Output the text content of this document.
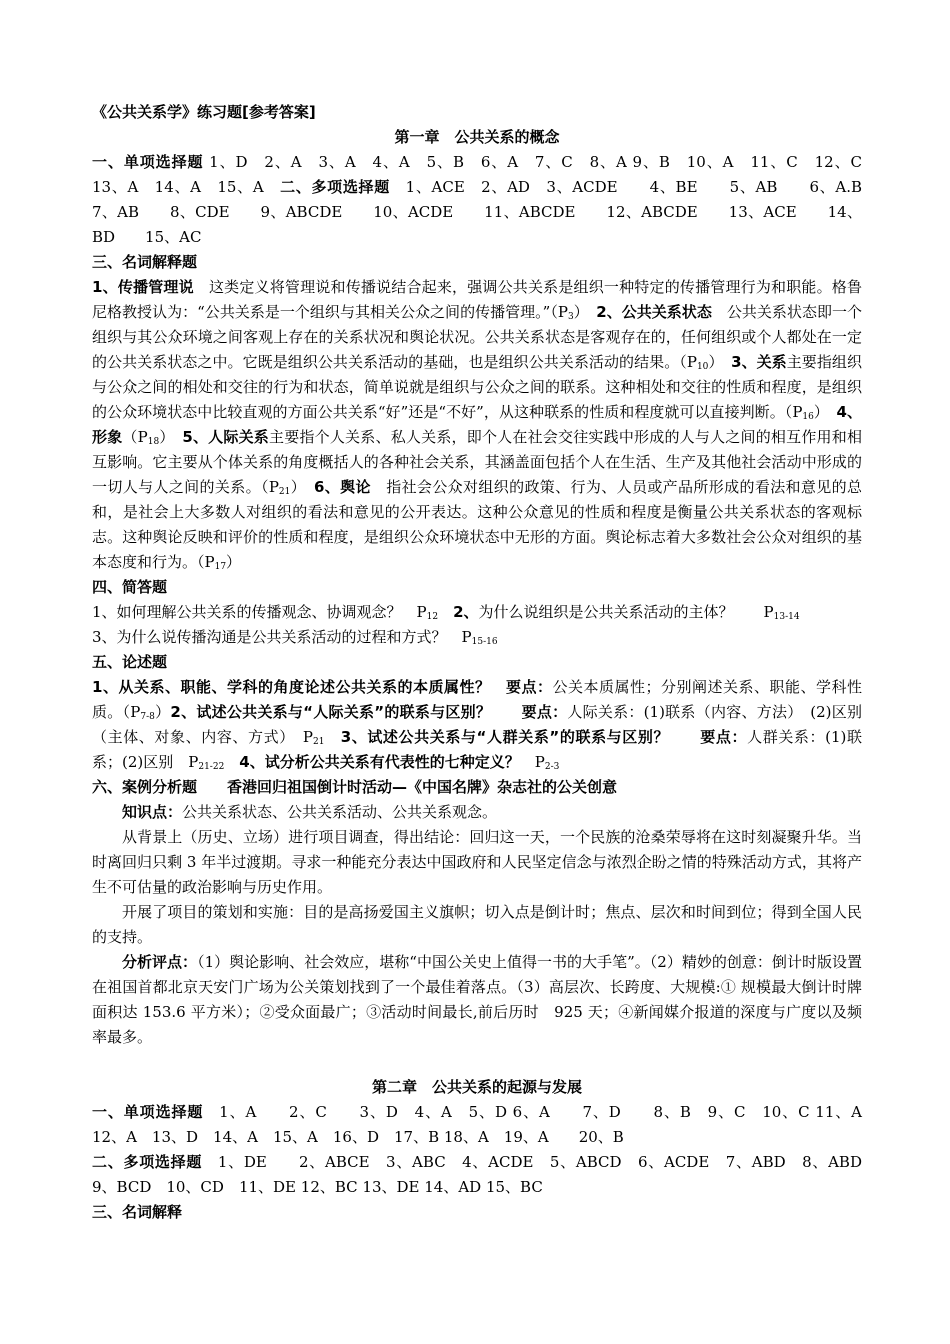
《公共关系学》练习题[参考答案]

第一章　公共关系的概念

一、单项选择题 1、D　2、A　3、A　4、A　5、B　6、A　7、C　8、A 9、B　10、A　11、C　12、C　13、A　14、A　15、A　二、多项选择题　1、ACE　2、AD　3、ACDE　　4、BE　　5、AB　　6、A.B　7、AB　　8、CDE　　9、ABCDE　　10、ACDE　　11、ABCDE　　12、ABCDE　　13、ACE　　14、BD　　15、AC

三、名词解释题

1、传播管理说　这类定义将管理说和传播说结合起来，强调公共关系是组织一种特定的传播管理行为和职能。格鲁尼格教授认为：“公共关系是一个组织与其相关公众之间的传播管理。$”(P_3)$　2、公共关系状态　公共关系状态即一个组织与其公众环境之间客观上存在的关系状况和舆论状况。公共关系状态是客观存在的，任何组织或个人都处在一定的公共关系状态之中。它既是组织公共关系活动的基础，也是组织公共关系活动的结果。$(P_{10})$　3、关系主要指组织与公众之间的相处和交往的行为和状态，简单说就是组织与公众之间的联系。这种相处和交往的性质和程度，是组织的公众环境状态中比较直观的方面公共关系“好”还是“不好”，从这种联系的性质和程度就可以直接判断。$(P_{16})$　4、形象$(P_{18})$　5、人际关系主要指个人关系、私人关系，即个人在社会交往实践中形成的人与人之间的相互作用和相互影响。它主要从个体关系的角度概括人的各种社会关系，其涵盖面包括个人在生活、生产及其他社会活动中形成的一切人与人之间的关系。$(P_{21})$　6、舆论　指社会公众对组织的政策、行为、人员或产品所形成的看法和意见的总和，是社会上大多数人对组织的看法和意见的公开表达。这种公众意见的性质和程度是衡量公共关系状态的客观标志。这种舆论反映和评价的性质和程度，是组织公众环境状态中无形的方面。舆论标志着大多数社会公众对组织的基本态度和行为。$(P_{17})$

四、简答题

1、如何理解公共关系的传播观念、协调观念？　$P_{12}$　2、为什么说组织是公共关系活动的主体？　　$P_{13-14}$
3、为什么说传播沟通是公共关系活动的过程和方式？　$P_{15-16}$

五、论述题

1、从关系、职能、学科的角度论述公共关系的本质属性？　要点：公关本质属性；分别阐述关系、职能、学科性质。$(P_{7-8})2$、试述公共关系与“人际关系”的联系与区别？　　要点：人际关系：(1)联系（内容、方法）　(2)区别（主体、对象、内容、方式）　$P_{21}$　3、试述公共关系与“人群关系”的联系与区别？　　要点：人群关系：(1)联系；(2)区别　$P_{21-22}$　4、试分析公共关系有代表性的七种定义？　$P_{2-3}$

六、案例分析题　　香港回归祖国倒计时活动—《中国名牌》杂志社的公关创意

知识点：公共关系状态、公共关系活动、公共关系观念。

从背景上（历史、立场）进行项目调查，得出结论：回归这一天，一个民族的沧桑荣辱将在这时刻凝聚升华。当时离回归只剩 3 年半过渡期。寻求一种能充分表达中国政府和人民坚定信念与浓烈企盼之情的特殊活动方式，其将产生不可估量的政治影响与历史作用。

开展了项目的策划和实施：目的是高扬爱国主义旗帜；切入点是倒计时；焦点、层次和时间到位；得到全国人民的支持。

分析评点：（1）舆论影响、社会效应，堪称“中国公关史上值得一书的大手笔”。（2）精妙的创意：倒计时版设置在祖国首都北京天安门广场为公关策划找到了一个最佳着落点。（3）高层次、长跨度、大规模:① 规模最大倒计时牌面积达 153.6 平方米）；②受众面最广；③活动时间最长,前后历时　925 天；④新闻媒介报道的深度与广度以及频率最多。

第二章　公共关系的起源与发展

一、单项选择题　1、A　　2、C　　3、D　4、A　5、D 6、A　　7、D　　8、B　9、C　10、C 11、A　12、A　13、D　14、A　15、A　16、D　17、B 18、A　19、A　　20、B

二、多项选择题　1、DE　　2、ABCE　3、ABC　4、ACDE　5、ABCD　6、ACDE　7、ABD　8、ABD 9、BCD　10、CD　11、DE 12、BC 13、DE 14、AD 15、BC

三、名词解释
